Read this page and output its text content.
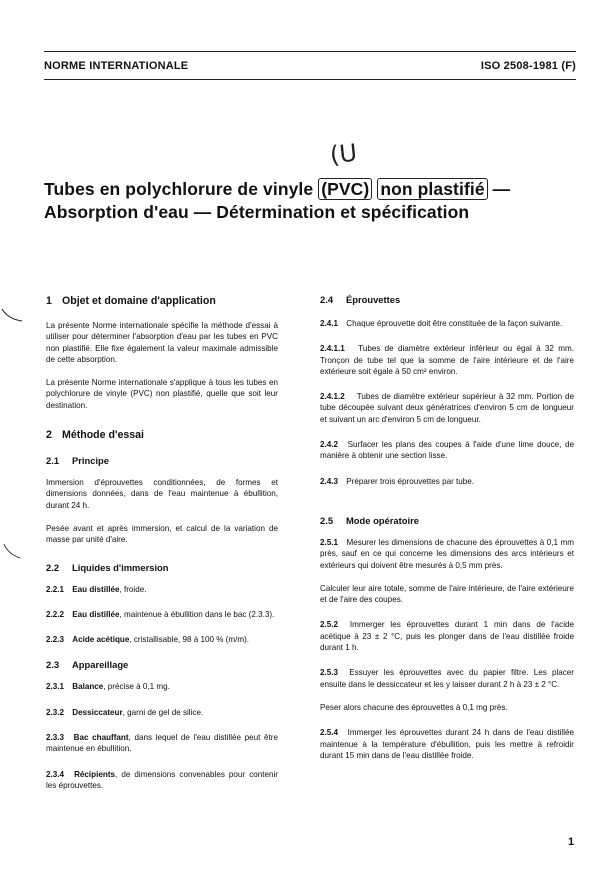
NORME INTERNATIONALE	ISO 2508-1981 (F)
(U
Tubes en polychlorure de vinyle (PVC) non plastifié —
Absorption d'eau — Détermination et spécification

1 Objet et domaine d'application

La présente Norme internationale spécifie la méthode d'essai à utiliser pour déterminer l'absorption d'eau par les tubes en PVC non plastifié. Elle fixe également la valeur maximale admissible de cette absorption.

La présente Norme internationale s'applique à tous les tubes en polychlorure de vinyle (PVC) non plastifié, quelle que soit leur destination.

2 Méthode d'essai

2.1 Principe

Immersion d'éprouvettes conditionnées, de formes et dimensions données, dans de l'eau maintenue à ébullition, durant 24 h.

Pesée avant et après immersion, et calcul de la variation de masse par unité d'aire.

2.2 Liquides d'immersion

2.2.1 Eau distillée, froide.

2.2.2 Eau distillée, maintenue à ébullition dans le bac (2.3.3).

2.2.3 Acide acétique, cristallisable, 98 à 100 % (m/m).

2.3 Appareillage

2.3.1 Balance, précise à 0,1 mg.

2.3.2 Dessiccateur, garni de gel de silice.

2.3.3 Bac chauffant, dans lequel de l'eau distillée peut être maintenue en ébullition.

2.3.4 Récipients, de dimensions convenables pour contenir les éprouvettes.

2.4 Éprouvettes

2.4.1 Chaque éprouvette doit être constituée de la façon suivante.

2.4.1.1 Tubes de diamètre extérieur inférieur ou égal à 32 mm. Tronçon de tube tel que la somme de l'aire intérieure et de l'aire extérieure soit égale à 50 cm² environ.

2.4.1.2 Tubes de diamètre extérieur supérieur à 32 mm. Portion de tube découpée suivant deux génératrices d'environ 5 cm de longueur et suivant un arc d'environ 5 cm de longueur.

2.4.2 Surfacer les plans des coupes à l'aide d'une lime douce, de manière à obtenir une section lisse.

2.4.3 Préparer trois éprouvettes par tube.

2.5 Mode opératoire

2.5.1 Mesurer les dimensions de chacune des éprouvettes à 0,1 mm près, sauf en ce qui concerne les dimensions des arcs intérieurs et extérieurs qui doivent être mesurés à 0,5 mm près.

Calculer leur aire totale, somme de l'aire intérieure, de l'aire extérieure et de l'aire des coupes.

2.5.2 Immerger les éprouvettes durant 1 min dans de l'acide acétique à 23 ± 2 °C, puis les plonger dans de l'eau distillée froide durant 1 h.

2.5.3 Essuyer les éprouvettes avec du papier filtre. Les placer ensuite dans le dessiccateur et les y laisser durant 2 h à 23 ± 2 °C.

Peser alors chacune des éprouvettes à 0,1 mg près.

2.5.4 Immerger les éprouvettes durant 24 h dans de l'eau distillée maintenue à la température d'ébullition, puis les mettre à refroidir durant 15 min dans de l'eau distillée froide.

1
